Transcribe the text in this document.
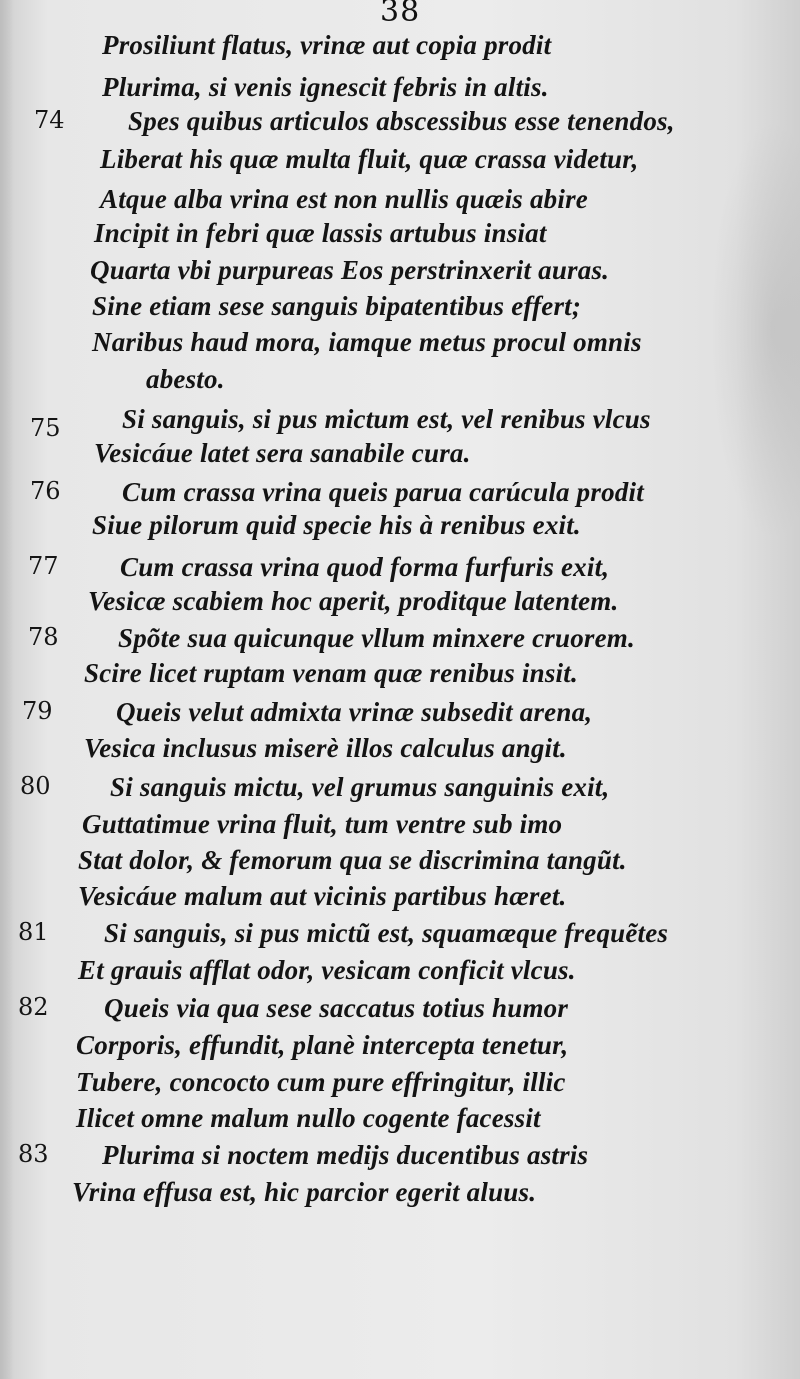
38
Prosiliunt flatus, vrinæ aut copia prodit
Plurima, si venis ignescit febris in altis.
74 Spes quibus articulos abscessibus esse tenendos,
Liberat his quæ multa fluit, quæ crassa videtur,
Atque alba vrina est non nullis quæis abire
Incipit in febri quæ lassis artubus insiat
Quarta vbi purpureas Eos perstrinxerit auras.
Sine etiam sese sanguis bipatentibus effert;
Naribus haud mora, iamque metus procul omnis
abesto.
75 Si sanguis, si pus mictum est, vel renibus vlcus
Vesicáue latet sera sanabile cura.
76 Cum crassa vrina queis parua carúcula prodit
Siue pilorum quid specie his à renibus exit.
77 Cum crassa vrina quod forma furfuris exit,
Vesicæ scabiem hoc aperit, proditque latentem.
78 Spõte sua quicunque vllum minxere cruorem.
Scire licet ruptam venam quæ renibus insit.
79 Queis velut admixta vrinæ subsedit arena,
Vesica inclusus miserè illos calculus angit.
80 Si sanguis mictu, vel grumus sanguinis exit,
Guttatimue vrina fluit, tum ventre sub imo
Stat dolor, & femorum qua se discrimina tangũt.
Vesicáue malum aut vicinis partibus hæret.
81 Si sanguis, si pus mictũ est, squamæque frequẽtes
Et grauis afflat odor, vesicam conficit vlcus.
82 Queis via qua sese saccatus totius humor
Corporis, effundit, planè intercepta tenetur,
Tubere, concocto cum pure effringitur, illic
Ilicet omne malum nullo cogente facessit
83 Plurima si noctem medijs ducentibus astris
Vrina effusa est, hic parcior egerit aluus.
